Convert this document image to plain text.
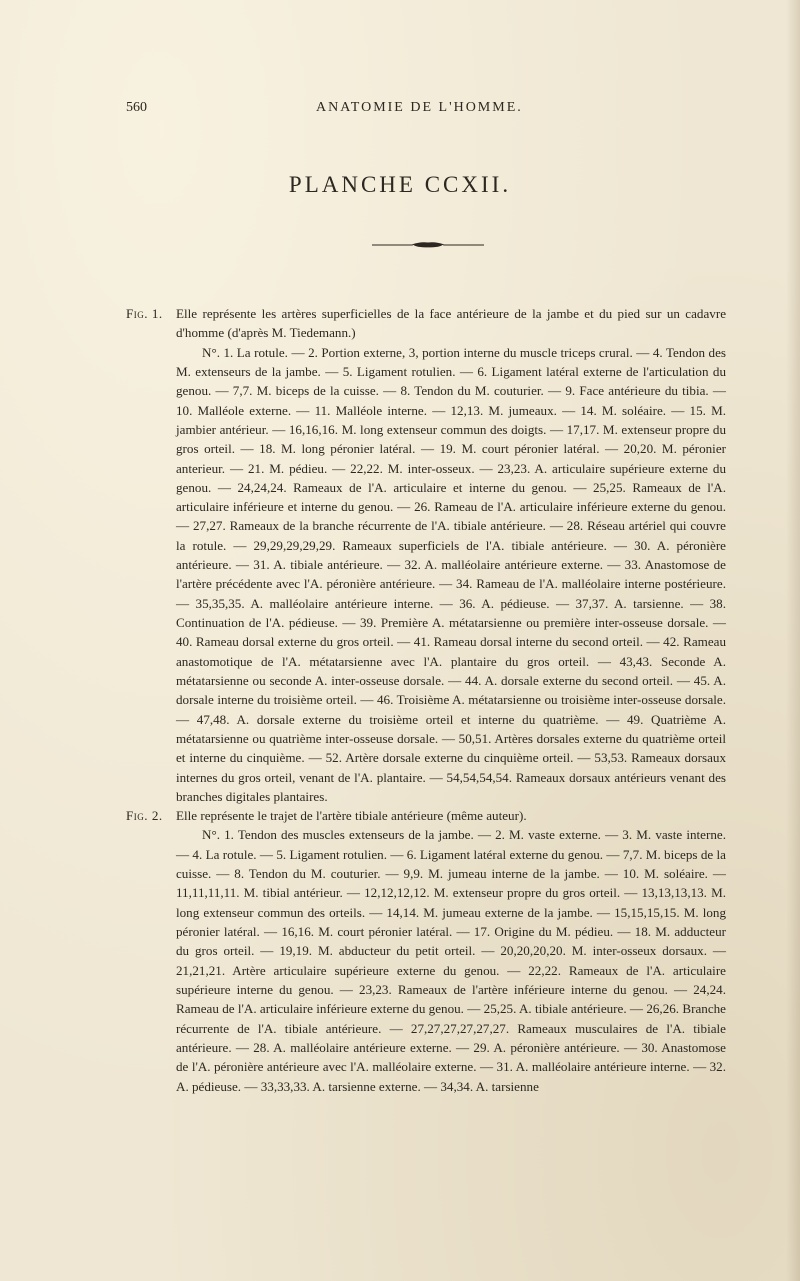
560	ANATOMIE DE L'HOMME.
PLANCHE CCXII.
Fig. 1.	Elle représente les artères superficielles de la face antérieure de la jambe et du pied sur un cadavre d'homme (d'après M. Tiedemann.)
N°. 1. La rotule. — 2. Portion externe, 3, portion interne du muscle triceps crural. — 4. Tendon des M. extenseurs de la jambe. — 5. Ligament rotulien. — 6. Ligament latéral externe de l'articulation du genou. — 7,7. M. biceps de la cuisse. — 8. Tendon du M. couturier. — 9. Face antérieure du tibia. — 10. Malléole externe. — 11. Malléole interne. — 12,13. M. jumeaux. — 14. M. soléaire. — 15. M. jambier antérieur. — 16,16,16. M. long extenseur commun des doigts. — 17,17. M. extenseur propre du gros orteil. — 18. M. long péronier latéral. — 19. M. court péronier latéral. — 20,20. M. péronier anterieur. — 21. M. pédieu. — 22,22. M. inter-osseux. — 23,23. A. articulaire supérieure externe du genou. — 24,24,24. Rameaux de l'A. articulaire et interne du genou. — 25,25. Rameaux de l'A. articulaire inférieure et interne du genou. — 26. Rameau de l'A. articulaire inférieure externe du genou. — 27,27. Rameaux de la branche récurrente de l'A. tibiale antérieure. — 28. Réseau artériel qui couvre la rotule. — 29,29,29,29,29. Rameaux superficiels de l'A. tibiale antérieure. — 30. A. péronière antérieure. — 31. A. tibiale antérieure. — 32. A. malléolaire antérieure externe. — 33. Anastomose de l'artère précédente avec l'A. péronière antérieure. — 34. Rameau de l'A. malléolaire interne postérieure. — 35,35,35. A. malléolaire antérieure interne. — 36. A. pédieuse. — 37,37. A. tarsienne. — 38. Continuation de l'A. pédieuse. — 39. Première A. métatarsienne ou première inter-osseuse dorsale. — 40. Rameau dorsal externe du gros orteil. — 41. Rameau dorsal interne du second orteil. — 42. Rameau anastomotique de l'A. métatarsienne avec l'A. plantaire du gros orteil. — 43,43. Seconde A. métatarsienne ou seconde A. inter-osseuse dorsale. — 44. A. dorsale externe du second orteil. — 45. A. dorsale interne du troisième orteil. — 46. Troisième A. métatarsienne ou troisième inter-osseuse dorsale. — 47,48. A. dorsale externe du troisième orteil et interne du quatrième. — 49. Quatrième A. métatarsienne ou quatrième inter-osseuse dorsale. — 50,51. Artères dorsales externe du quatrième orteil et interne du cinquième. — 52. Artère dorsale externe du cinquième orteil. — 53,53. Rameaux dorsaux internes du gros orteil, venant de l'A. plantaire. — 54,54,54,54. Rameaux dorsaux antérieurs venant des branches digitales plantaires.
Fig. 2.	Elle représente le trajet de l'artère tibiale antérieure (même auteur).
N°. 1. Tendon des muscles extenseurs de la jambe. — 2. M. vaste externe. — 3. M. vaste interne. — 4. La rotule. — 5. Ligament rotulien. — 6. Ligament latéral externe du genou. — 7,7. M. biceps de la cuisse. — 8. Tendon du M. couturier. — 9,9. M. jumeau interne de la jambe. — 10. M. soléaire. — 11,11,11,11. M. tibial antérieur. — 12,12,12,12. M. extenseur propre du gros orteil. — 13,13,13,13. M. long extenseur commun des orteils. — 14,14. M. jumeau externe de la jambe. — 15,15,15,15. M. long péronier latéral. — 16,16. M. court péronier latéral. — 17. Origine du M. pédieu. — 18. M. adducteur du gros orteil. — 19,19. M. abducteur du petit orteil. — 20,20,20,20. M. inter-osseux dorsaux. — 21,21,21. Artère articulaire supérieure externe du genou. — 22,22. Rameaux de l'A. articulaire supérieure interne du genou. — 23,23. Rameaux de l'artère inférieure interne du genou. — 24,24. Rameau de l'A. articulaire inférieure externe du genou. — 25,25. A. tibiale antérieure. — 26,26. Branche récurrente de l'A. tibiale antérieure. — 27,27,27,27,27,27. Rameaux musculaires de l'A. tibiale antérieure. — 28. A. malléolaire antérieure externe. — 29. A. péronière antérieure. — 30. Anastomose de l'A. péronière antérieure avec l'A. malléolaire externe. — 31. A. malléolaire antérieure interne. — 32. A. pédieuse. — 33,33,33. A. tarsienne externe. — 34,34. A. tarsienne
